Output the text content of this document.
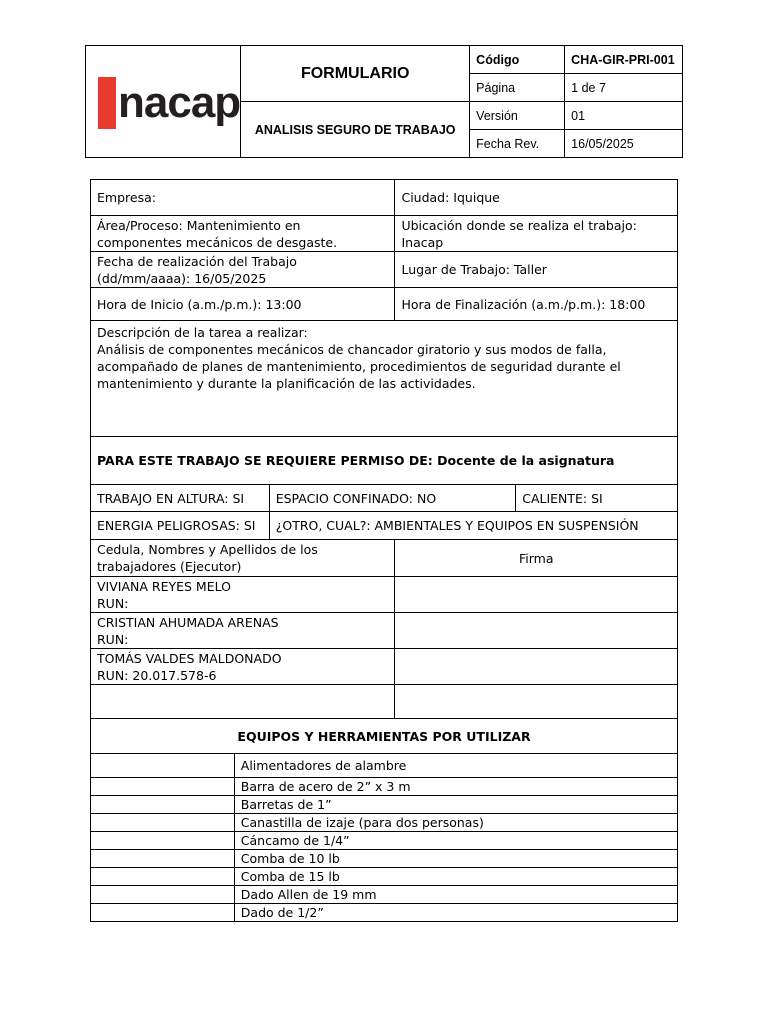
nacap	FORMULARIO	Código	CHA-GIR-PRI-001
		Página	1 de 7
	ANALISIS SEGURO DE TRABAJO	Versión	01
		Fecha Rev.	16/05/2025
Empresa:			Ciudad: Iquique	
Área/Proceso: Mantenimiento en componentes mecánicos de desgaste.			Ubicación donde se realiza el trabajo: Inacap	
Fecha de realización del Trabajo (dd/mm/aaaa): 16/05/2025			Lugar de Trabajo: Taller	
Hora de Inicio (a.m./p.m.): 13:00			Hora de Finalización (a.m./p.m.): 18:00	

Descripción de la tarea a realizar:
Análisis de componentes mecánicos de chancador giratorio y sus modos de falla, acompañado de planes de mantenimiento, procedimientos de seguridad durante el mantenimiento y durante la planificación de las actividades.				

PARA ESTE TRABAJO SE REQUIERE PERMISO DE: Docente de la asignatura				
TRABAJO EN ALTURA: SI		ESPACIO CONFINADO: NO		CALIENTE: SI
ENERGIA PELIGROSAS: SI		¿OTRO, CUAL?: AMBIENTALES Y EQUIPOS EN SUSPENSIÓN		
Cedula, Nombres y Apellidos de los trabajadores (Ejecutor)			Firma	

VIVIANA REYES MELO
RUN:				

CRISTIAN AHUMADA ARENAS
RUN:				

TOMÁS VALDES MALDONADO
RUN: 20.017.578-6				

EQUIPOS Y HERRAMIENTAS POR UTILIZAR				
	Alimentadores de alambre			
	Barra de acero de 2” x 3 m			
	Barretas de 1”			
	Canastilla de izaje (para dos personas)			
	Cáncamo de 1/4”			
	Comba de 10 lb			
	Comba de 15 lb			
	Dado Allen de 19 mm			
	Dado de 1/2”			
